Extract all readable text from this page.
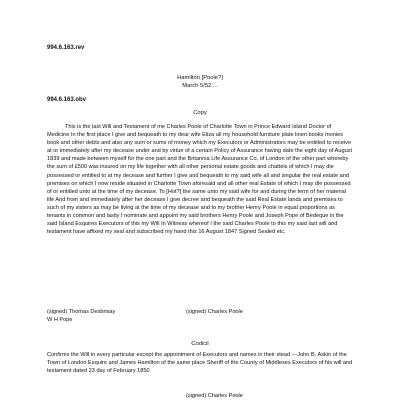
994.6.163.rev
Hamilton [Poole?]
March 5/52....
994.6.163.obv
Copy
This is the last Will and Testament of me Charles Poole of Charlotte Town in Prince Edward Island Doctor of Medicine In the first place I give and bequeath to my dear wife Eliza all my household furniture plate linen books monies book and other debts and also any sum or sums of money which my Executors or Administrators may be entitled to receive at or immediately after my decease under and by virtue of a certain Policy of Assurance having date the eight day of August 1839 and made between myself for the one part and the Britannia Life Assurance Co. of London of the other part whereby the sum of £500 was insured on my life together with all other personal estate goods and chattels of which I may die possessed or entitled to at my decease and further I give and bequeath to my said wife all and singular the real estate and premises on which I now reside situated in Charlotte Town aforesaid and all other real Estate of which I may die possessed of or entitled unto at the time of my decease. To [Hot?] the same unto my said wife for and during the term of her material life And from and immediately after her decease I give decree and bequeath the said Real Estate lands and premises to such of my sisters as may be living at the time of my decease and to my brother Henry Poole in equal proportions as tenants in common and lastly I nominate and appoint my said brothers Henry Poole and Joseph Pope of Bedeque in the said Island Esquires Executors of this my Will In Witness whereof I the said Charles Poole to this my said last will and testament have affixed my seal and subscribed my hand this 16 August 1847 Signed Sealed etc.
(signed) Thomas Desbrisay	(signed) Charles Poole
W H Pope
Codicil
Confirms the Will in every particular except the appointment of Executors and names in their stead ---John B. Askin of the Town of London Esquire and James Hamilton of the same place Sheriff of the County of Middlesex Executors of his will and testament dated 23 day of February 1850
(signed) Charles Poole
